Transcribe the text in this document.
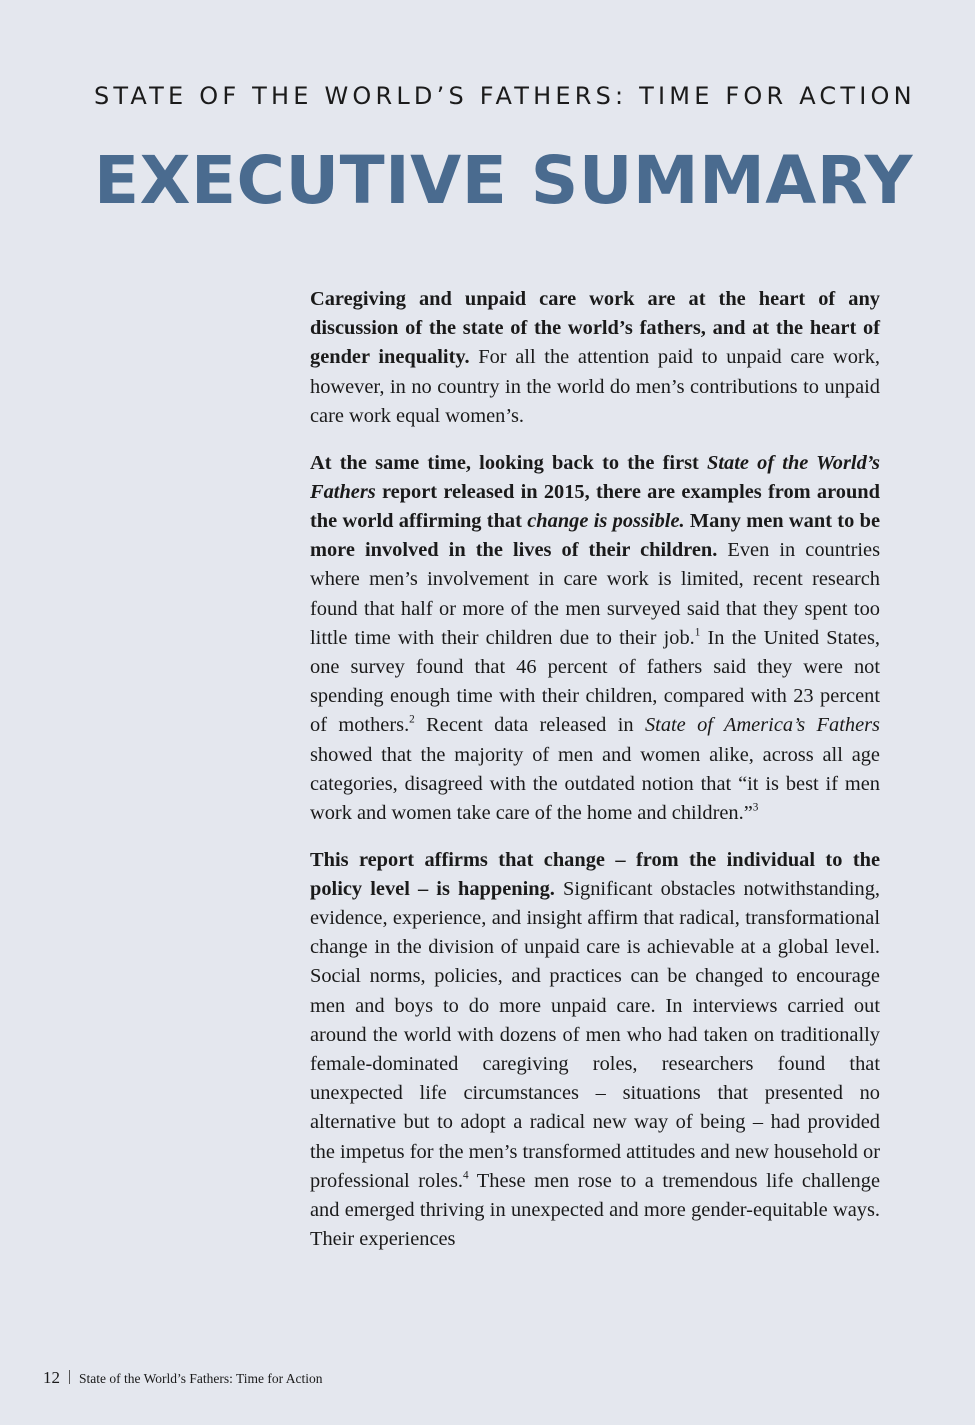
STATE OF THE WORLD’S FATHERS: TIME FOR ACTION
EXECUTIVE SUMMARY

Caregiving and unpaid care work are at the heart of any discussion of the state of the world’s fathers, and at the heart of gender inequality. For all the attention paid to unpaid care work, however, in no country in the world do men’s contributions to unpaid care work equal women’s.

At the same time, looking back to the first State of the World’s Fathers report released in 2015, there are examples from around the world affirming that change is possible. Many men want to be more involved in the lives of their children. Even in countries where men’s involvement in care work is limited, recent research found that half or more of the men surveyed said that they spent too little time with their children due to their job.$^1$ In the United States, one survey found that 46 percent of fathers said they were not spending enough time with their children, compared with 23 percent of mothers.$^2$ Recent data released in State of America’s Fathers showed that the majority of men and women alike, across all age categories, disagreed with the outdated notion that “it is best if men work and women take care of the home and children.”$^3$

This report affirms that change – from the individual to the policy level – is happening. Significant obstacles notwithstanding, evidence, experience, and insight affirm that radical, transformational change in the division of unpaid care is achievable at a global level. Social norms, policies, and practices can be changed to encourage men and boys to do more unpaid care. In interviews carried out around the world with dozens of men who had taken on traditionally female-dominated caregiving roles, researchers found that unexpected life circumstances – situations that presented no alternative but to adopt a radical new way of being – had provided the impetus for the men’s transformed attitudes and new household or professional roles.$^4$ These men rose to a tremendous life challenge and emerged thriving in unexpected and more gender-equitable ways. Their experiences

12 State of the World’s Fathers: Time for Action
